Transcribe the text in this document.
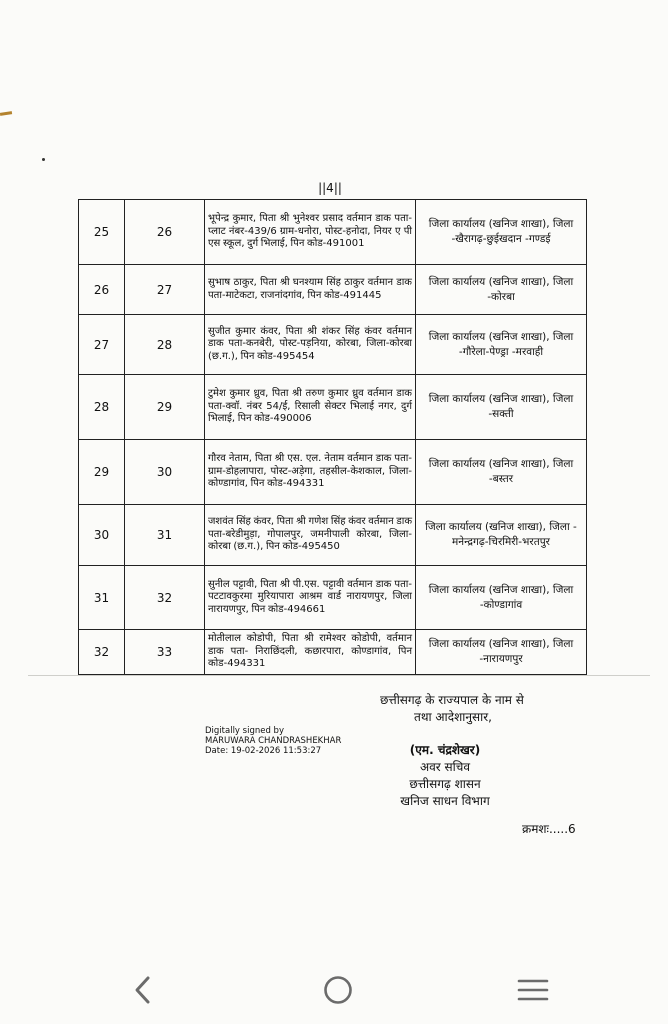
||4||
25	26	भूपेन्द्र कुमार, पिता श्री भुनेश्वर प्रसाद वर्तमान डाक पता-प्लाट नंबर-439/6 ग्राम-धनोरा, पोस्ट-हनोदा, नियर ए पी एस स्कूल, दुर्ग भिलाई, पिन कोड-491001	जिला कार्यालय (खनिज शाखा), जिला -खैरागढ़-छुईखदान -गण्डई
26	27	सुभाष ठाकुर, पिता श्री घनश्याम सिंह ठाकुर वर्तमान डाक पता-माटेकटा, राजनांदगांव, पिन कोड-491445	जिला कार्यालय (खनिज शाखा), जिला -कोरबा
27	28	सुजीत कुमार कंवर, पिता श्री शंकर सिंह कंवर वर्तमान डाक पता-कनबेरी, पोस्ट-पड़निया, कोरबा, जिला-कोरबा (छ.ग.), पिन कोड-495454	जिला कार्यालय (खनिज शाखा), जिला -गौरेला-पेण्ड्रा -मरवाही
28	29	टुमेश कुमार ध्रुव, पिता श्री तरुण कुमार ध्रुव वर्तमान डाक पता-क्वॉ. नंबर 54/ई, रिसाली सेक्टर भिलाई नगर, दुर्ग भिलाई, पिन कोड-490006	जिला कार्यालय (खनिज शाखा), जिला -सक्ती
29	30	गौरव नेताम, पिता श्री एस. एल. नेताम वर्तमान डाक पता- ग्राम-डोहलापारा, पोस्ट-अड़ेगा, तहसील-केशकाल, जिला-कोण्डागांव, पिन कोड-494331	जिला कार्यालय (खनिज शाखा), जिला -बस्तर
30	31	जशवंत सिंह कंवर, पिता श्री गणेश सिंह कंवर वर्तमान डाक पता-बरेडीमुड़ा, गोपालपुर, जमनीपाली कोरबा, जिला-कोरबा (छ.ग.), पिन कोड-495450	जिला कार्यालय (खनिज शाखा), जिला - मनेन्द्रगढ़-चिरमिरी-भरतपुर
31	32	सुनील पट्टावी, पिता श्री पी.एस. पट्टावी वर्तमान डाक पता- पटटावकुरमा मुरियापारा आश्रम वार्ड नारायणपुर, जिला नारायणपुर, पिन कोड-494661	जिला कार्यालय (खनिज शाखा), जिला -कोण्डागांव
32	33	मोतीलाल कोडोपी, पिता श्री रामेश्वर कोडोपी, वर्तमान डाक पता- निराछिंदली, कछारपारा, कोण्डागांव, पिन कोड-494331	जिला कार्यालय (खनिज शाखा), जिला -नारायणपुर
छत्तीसगढ़ के राज्यपाल के नाम से
तथा आदेशानुसार,
Digitally signed by
MARUWARA CHANDRASHEKHAR
Date: 19-02-2026 11:53:27	(एम. चंद्रशेखर)
अवर सचिव
छत्तीसगढ़ शासन
खनिज साधन विभाग
क्रमशः.....6
